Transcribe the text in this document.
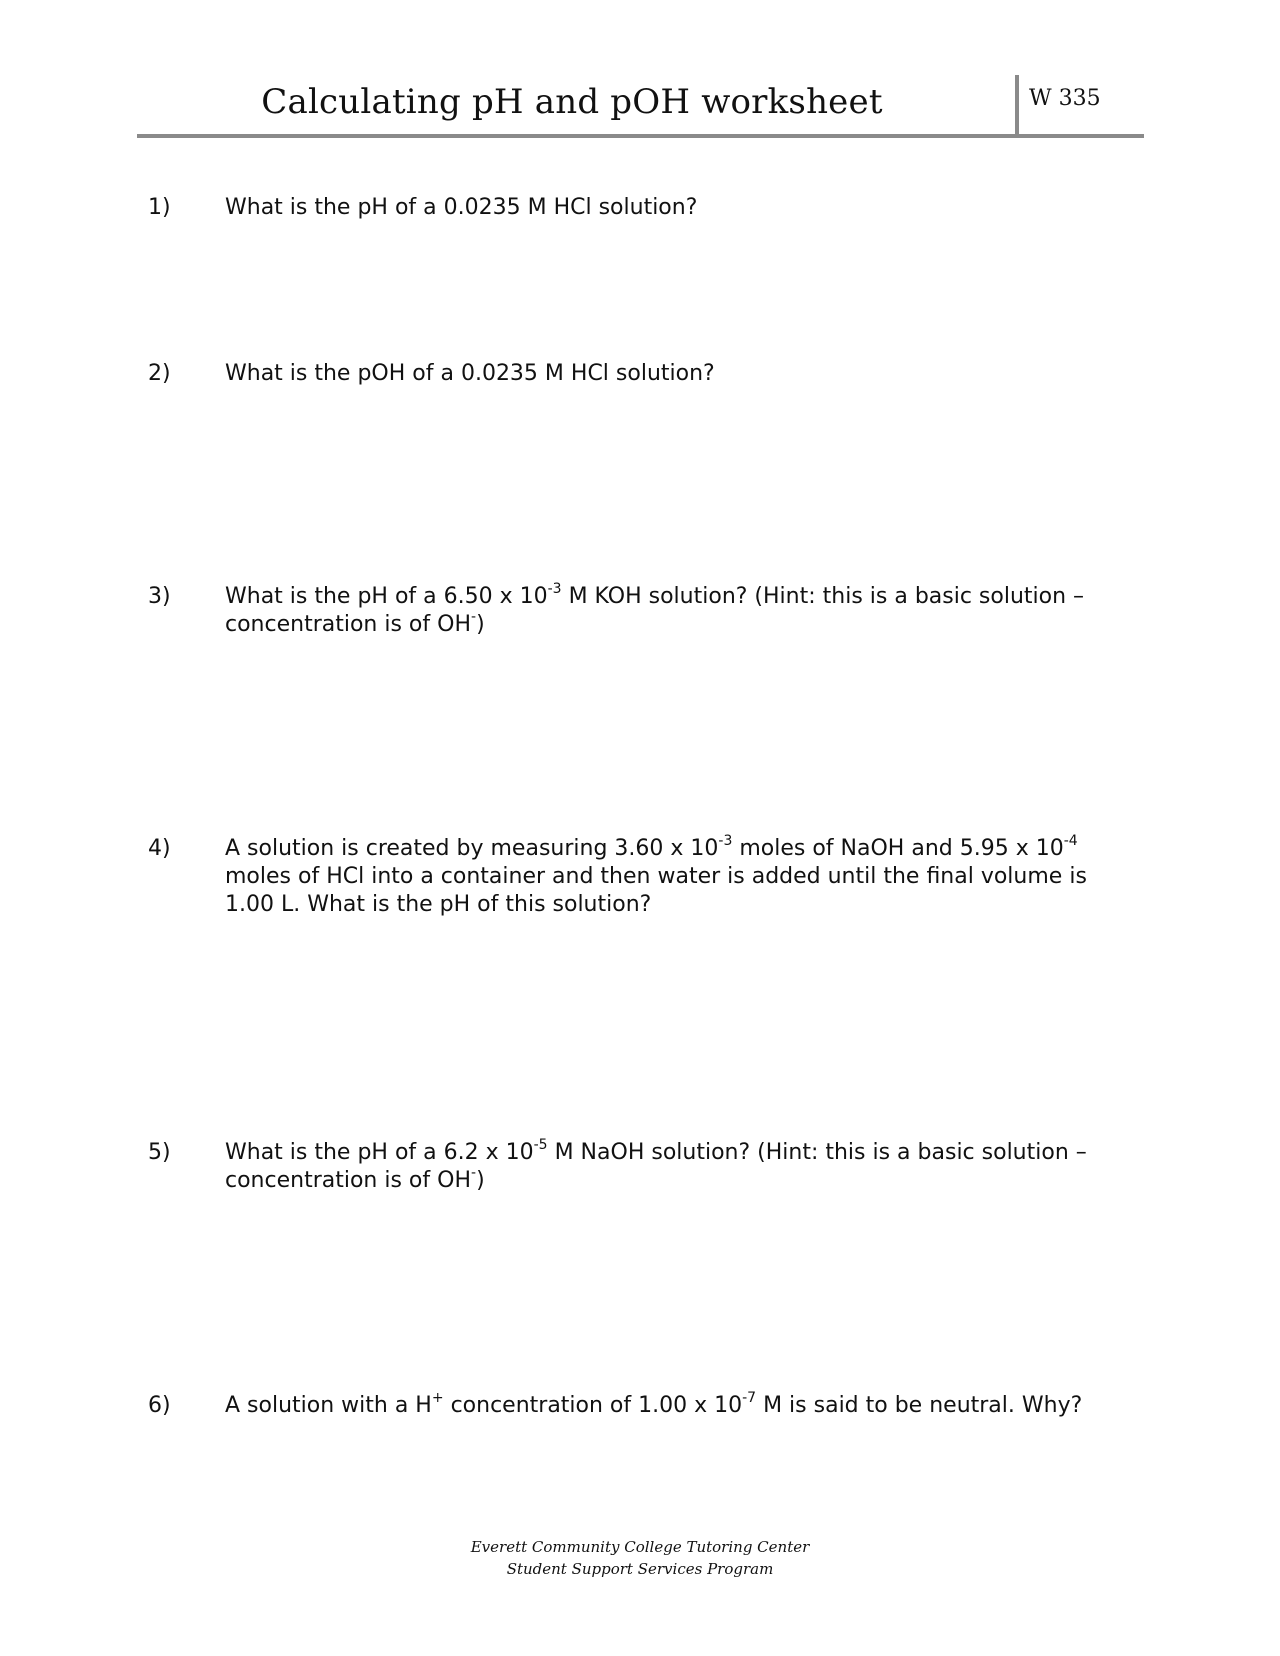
Calculating pH and pOH worksheet	W 335
1) What is the pH of a 0.0235 M HCl solution?
2) What is the pOH of a 0.0235 M HCl solution?
3) What is the pH of a 6.50 x $10^{-3}$ M KOH solution? (Hint: this is a basic solution – concentration is of OH-)
4) A solution is created by measuring 3.60 x $10^{-3}$ moles of NaOH and 5.95 x $10^{-4}$ moles of HCl into a container and then water is added until the final volume is 1.00 L. What is the pH of this solution?
5) What is the pH of a 6.2 x $10^{-5}$ M NaOH solution? (Hint: this is a basic solution – concentration is of OH-)
6) A solution with a H+ concentration of 1.00 x $10^{-7}$ M is said to be neutral. Why?
Everett Community College Tutoring Center
Student Support Services Program
